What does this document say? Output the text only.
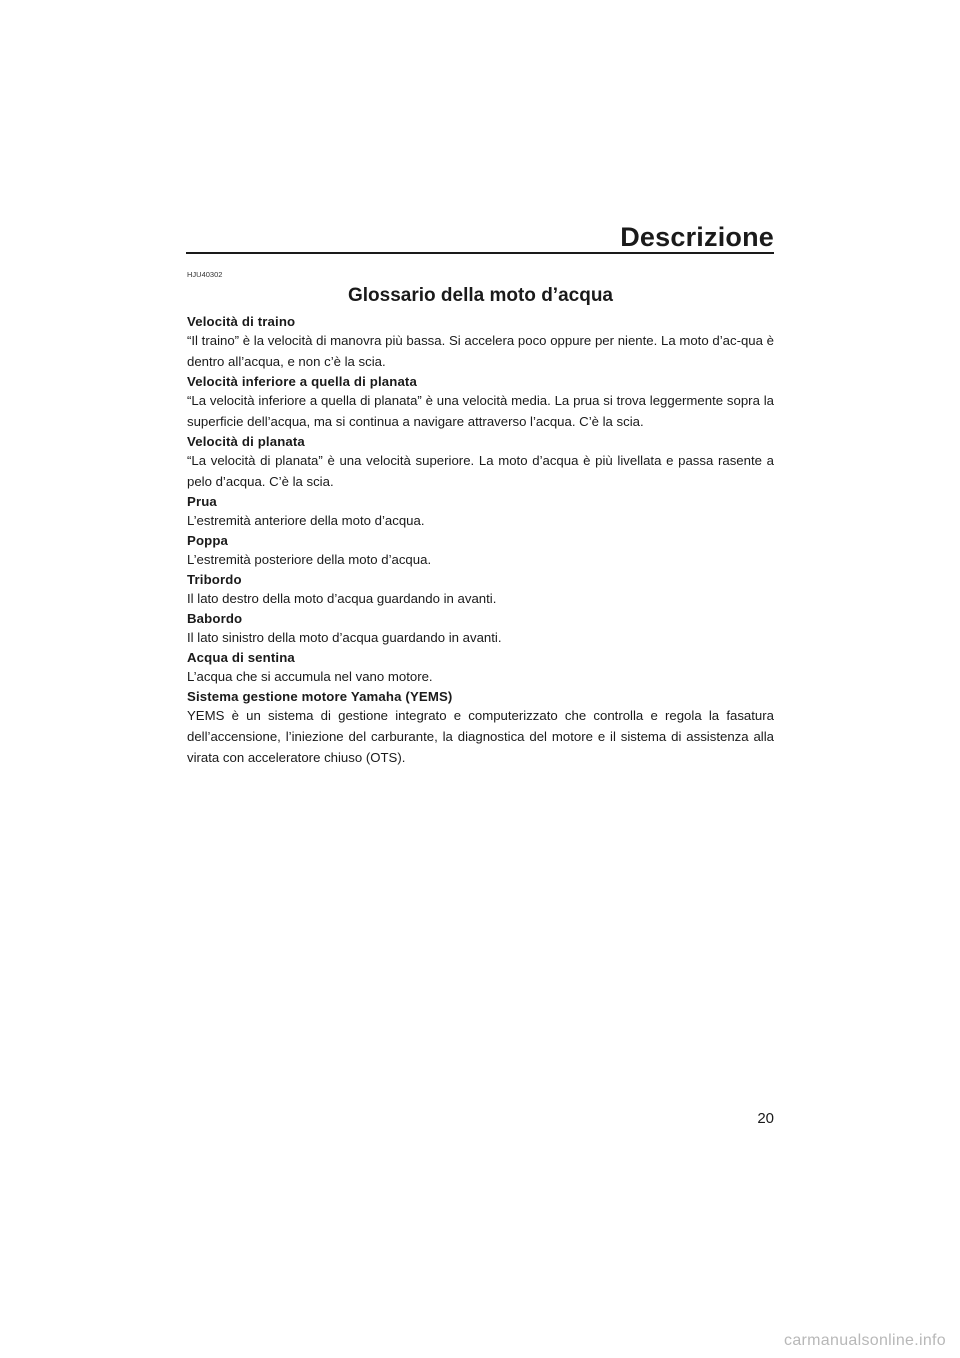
Descrizione
HJU40302
Glossario della moto d’acqua
Velocità di traino
“Il traino” è la velocità di manovra più bassa. Si accelera poco oppure per niente. La moto d’ac-qua è dentro all’acqua, e non c’è la scia.
Velocità inferiore a quella di planata
“La velocità inferiore a quella di planata” è una velocità media. La prua si trova leggermente sopra la superficie dell’acqua, ma si continua a navigare attraverso l’acqua. C’è la scia.
Velocità di planata
“La velocità di planata” è una velocità superiore. La moto d’acqua è più livellata e passa rasente a pelo d’acqua. C’è la scia.
Prua
L’estremità anteriore della moto d’acqua.
Poppa
L’estremità posteriore della moto d’acqua.
Tribordo
Il lato destro della moto d’acqua guardando in avanti.
Babordo
Il lato sinistro della moto d’acqua guardando in avanti.
Acqua di sentina
L’acqua che si accumula nel vano motore.
Sistema gestione motore Yamaha (YEMS)
YEMS è un sistema di gestione integrato e computerizzato che controlla e regola la fasatura dell’accensione, l’iniezione del carburante, la diagnostica del motore e il sistema di assistenza alla virata con acceleratore chiuso (OTS).
20
carmanualsonline.info
